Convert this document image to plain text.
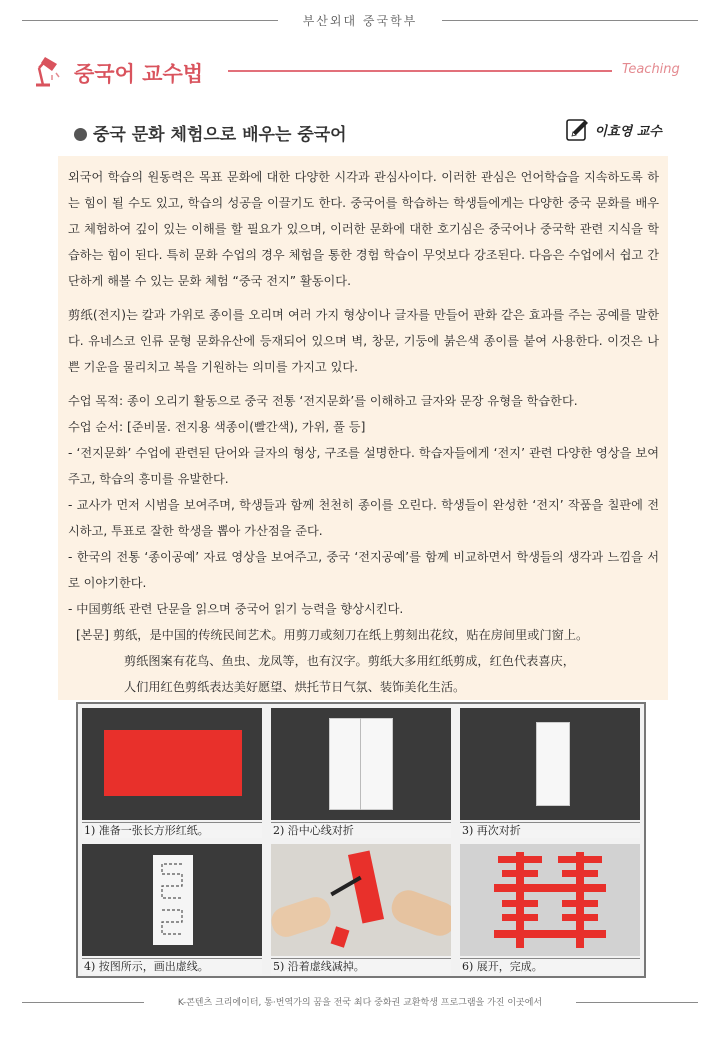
부산외대 중국학부
중국어 교수법	Teaching
중국 문화 체험으로 배우는 중국어	이효영 교수
외국어 학습의 원동력은 목표 문화에 대한 다양한 시각과 관심사이다. 이러한 관심은 언어학습을 지속하도록 하는 힘이 될 수도 있고, 학습의 성공을 이끌기도 한다. 중국어를 학습하는 학생들에게는 다양한 중국 문화를 배우고 체험하여 깊이 있는 이해를 할 필요가 있으며, 이러한 문화에 대한 호기심은 중국어나 중국학 관련 지식을 학습하는 힘이 된다. 특히 문화 수업의 경우 체험을 통한 경험 학습이 무엇보다 강조된다. 다음은 수업에서 쉽고 간단하게 해볼 수 있는 문화 체험 “중국 전지” 활동이다.
剪纸(전지)는 칼과 가위로 종이를 오리며 여러 가지 형상이나 글자를 만들어 판화 같은 효과를 주는 공예를 말한다. 유네스코 인류 문형 문화유산에 등재되어 있으며 벽, 창문, 기둥에 붉은색 종이를 붙여 사용한다. 이것은 나쁜 기운을 물리치고 복을 기원하는 의미를 가지고 있다.
수업 목적: 종이 오리기 활동으로 중국 전통 ‘전지문화’를 이해하고 글자와 문장 유형을 학습한다.
수업 순서: [준비물. 전지용 색종이(빨간색), 가위, 풀 등]
- ‘전지문화’ 수업에 관련된 단어와 글자의 형상, 구조를 설명한다. 학습자들에게 ‘전지’ 관련 다양한 영상을 보여주고, 학습의 흥미를 유발한다.
- 교사가 먼저 시범을 보여주며, 학생들과 함께 천천히 종이를 오린다. 학생들이 완성한 ‘전지’ 작품을 칠판에 전시하고, 투표로 잘한 학생을 뽑아 가산점을 준다.
- 한국의 전통 ‘종이공예’ 자료 영상을 보여주고, 중국 ‘전지공예’를 함께 비교하면서 학생들의 생각과 느낌을 서로 이야기한다.
- 中国剪纸 관련 단문을 읽으며 중국어 읽기 능력을 향상시킨다.
[본문] 剪纸，是中国的传统民间艺术。用剪刀或刻刀在纸上剪刻出花纹，贴在房间里或门窗上。
剪纸图案有花鸟、鱼虫、龙凤等，也有汉字。剪纸大多用红纸剪成，红色代表喜庆，
人们用红色剪纸表达美好愿望、烘托节日气氛、装饰美化生活。
1) 准备一张长方形红纸。	2) 沿中心线对折	3) 再次对折
4) 按图所示，画出虚线。	5) 沿着虚线减掉。	6) 展开，完成。
K-콘텐츠 크리에이터, 통·번역가의 꿈을 전국 최다 중화권 교환학생 프로그램을 가진 이곳에서
